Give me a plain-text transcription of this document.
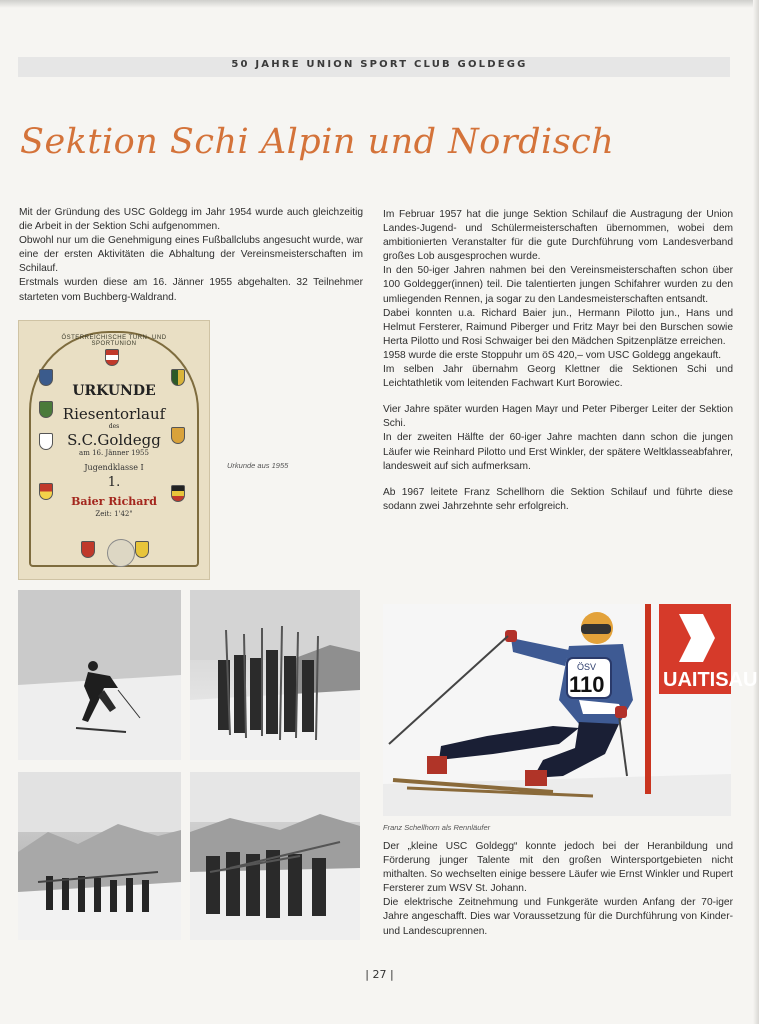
50 JAHRE UNION SPORT CLUB GOLDEGG
Sektion Schi Alpin und Nordisch

Mit der Gründung des USC Goldegg im Jahr 1954 wurde auch gleichzeitig die Arbeit in der Sektion Schi aufgenommen.

Obwohl nur um die Genehmigung eines Fußballclubs angesucht wurde, war eine der ersten Aktivitäten die Abhaltung der Vereinsmeisterschaften im Schilauf.

Erstmals wurden diese am 16. Jänner 1955 abgehalten. 32 Teilnehmer starteten vom Buchberg-Waldrand.

Im Februar 1957 hat die junge Sektion Schilauf die Austragung der Union Landes-Jugend- und Schülermeisterschaften übernommen, wobei dem ambitionierten Veranstalter für die gute Durchführung vom Landesverband großes Lob ausgesprochen wurde.

In den 50-iger Jahren nahmen bei den Vereinsmeisterschaften schon über 100 Goldegger(innen) teil. Die talentierten jungen Schifahrer wurden zu den umliegenden Rennen, ja sogar zu den Landesmeisterschaften entsandt.

Dabei konnten u.a. Richard Baier jun., Hermann Pilotto jun., Hans und Helmut Fersterer, Raimund Piberger und Fritz Mayr bei den Burschen sowie Herta Pilotto und Rosi Schwaiger bei den Mädchen Spitzenplätze erreichen.

1958 wurde die erste Stoppuhr um öS 420,– vom USC Goldegg angekauft.

Im selben Jahr übernahm Georg Klettner die Sektionen Schi und Leichtathletik vom leitenden Fachwart Kurt Borowiec.

Vier Jahre später wurden Hagen Mayr und Peter Piberger Leiter der Sektion Schi.

In der zweiten Hälfte der 60-iger Jahre machten dann schon die jungen Läufer wie Reinhard Pilotto und Erst Winkler, der spätere Weltklasseabfahrer, landesweit auf sich aufmerksam.

Ab 1967 leitete Franz Schellhorn die Sektion Schilauf und führte diese sodann zwei Jahrzehnte sehr erfolgreich.

ÖSTERREICHISCHE TURN- UND SPORTUNION
URKUNDE
Riesentorlauf
des
S.C.Goldegg
am 16. Jänner 1955
Jugendklasse I
1.
Baier Richard
Zeit: 1'42"
Urkunde aus 1955
UAITISAU
ÖSV
110
Franz Schellhorn als Rennläufer

Der „kleine USC Goldegg“ konnte jedoch bei der Heranbildung und Förderung junger Talente mit den großen Wintersportgebieten nicht mithalten. So wechselten einige bessere Läufer wie Ernst Winkler und Rupert Fersterer zum WSV St. Johann.

Die elektrische Zeitnehmung und Funkgeräte wurden Anfang der 70-iger Jahre angeschafft. Dies war Voraussetzung für die Durchführung von Kinder- und Landescuprennen.

| 27 |
